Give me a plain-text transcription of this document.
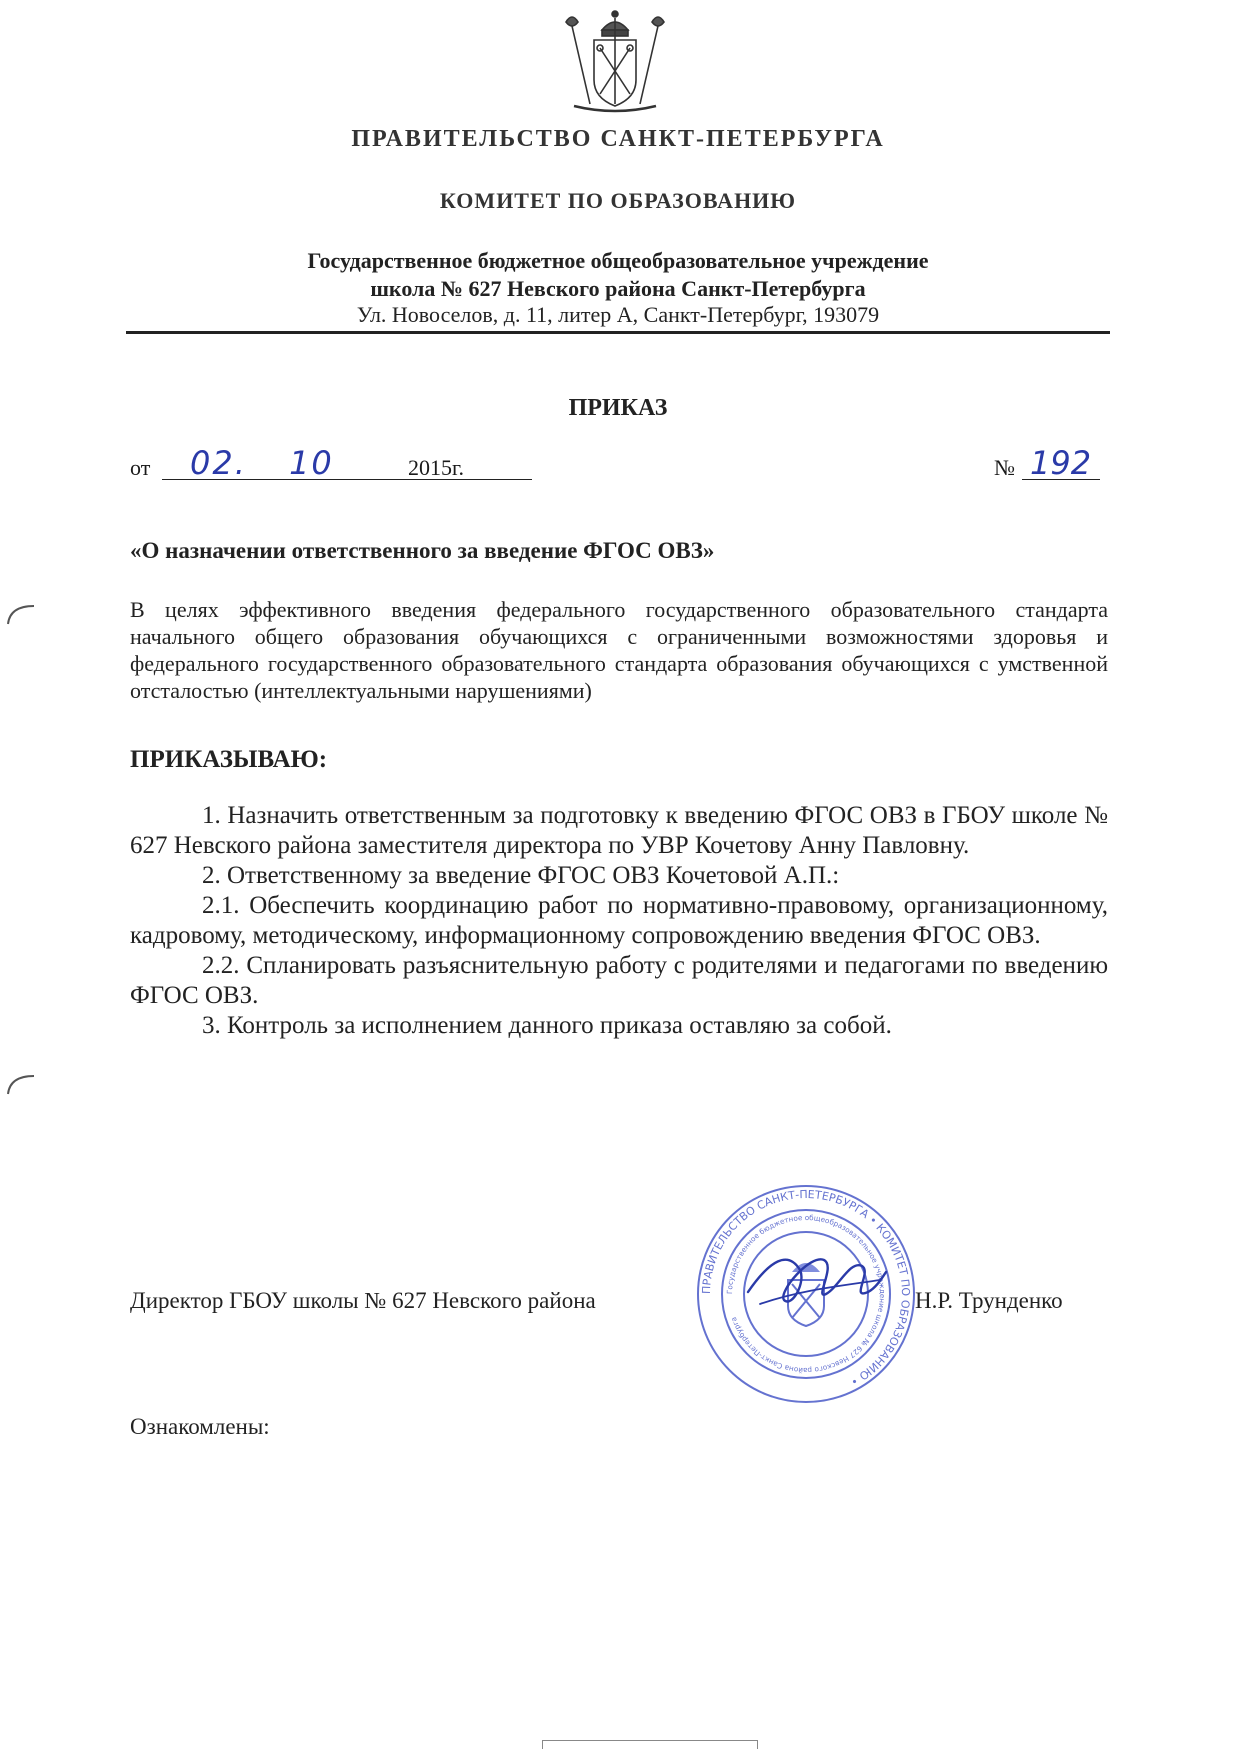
ПРАВИТЕЛЬСТВО САНКТ-ПЕТЕРБУРГА
КОМИТЕТ ПО ОБРАЗОВАНИЮ
Государственное бюджетное общеобразовательное учреждение
школа № 627 Невского района Санкт-Петербурга
Ул. Новоселов, д. 11, литер А, Санкт-Петербург, 193079
ПРИКАЗ
от 02. 10	2015г.	№ 192
«О назначении ответственного за введение ФГОС ОВЗ»
В целях эффективного введения федерального государственного образовательного стандарта начального общего образования обучающихся с ограниченными возможностями здоровья и федерального государственного образовательного стандарта образования обучающихся с умственной отсталостью (интеллектуальными нарушениями)
ПРИКАЗЫВАЮ:

1. Назначить ответственным за подготовку к введению ФГОС ОВЗ в ГБОУ школе № 627 Невского района заместителя директора по УВР Кочетову Анну Павловну.

2. Ответственному за введение ФГОС ОВЗ Кочетовой А.П.:

2.1. Обеспечить координацию работ по нормативно-правовому, организационному, кадровому, методическому, информационному сопровождению введения ФГОС ОВЗ.

2.2. Спланировать разъяснительную работу с родителями и педагогами по введению ФГОС ОВЗ.

3. Контроль за исполнением данного приказа оставляю за собой.

ПРАВИТЕЛЬСТВО САНКТ-ПЕТЕРБУРГА • КОМИТЕТ ПО ОБРАЗОВАНИЮ •
Государственное бюджетное общеобразовательное учреждение школа № 627 Невского района Санкт-Петербурга
Директор ГБОУ школы № 627 Невского района	Н.Р. Трунденко
Ознакомлены:
